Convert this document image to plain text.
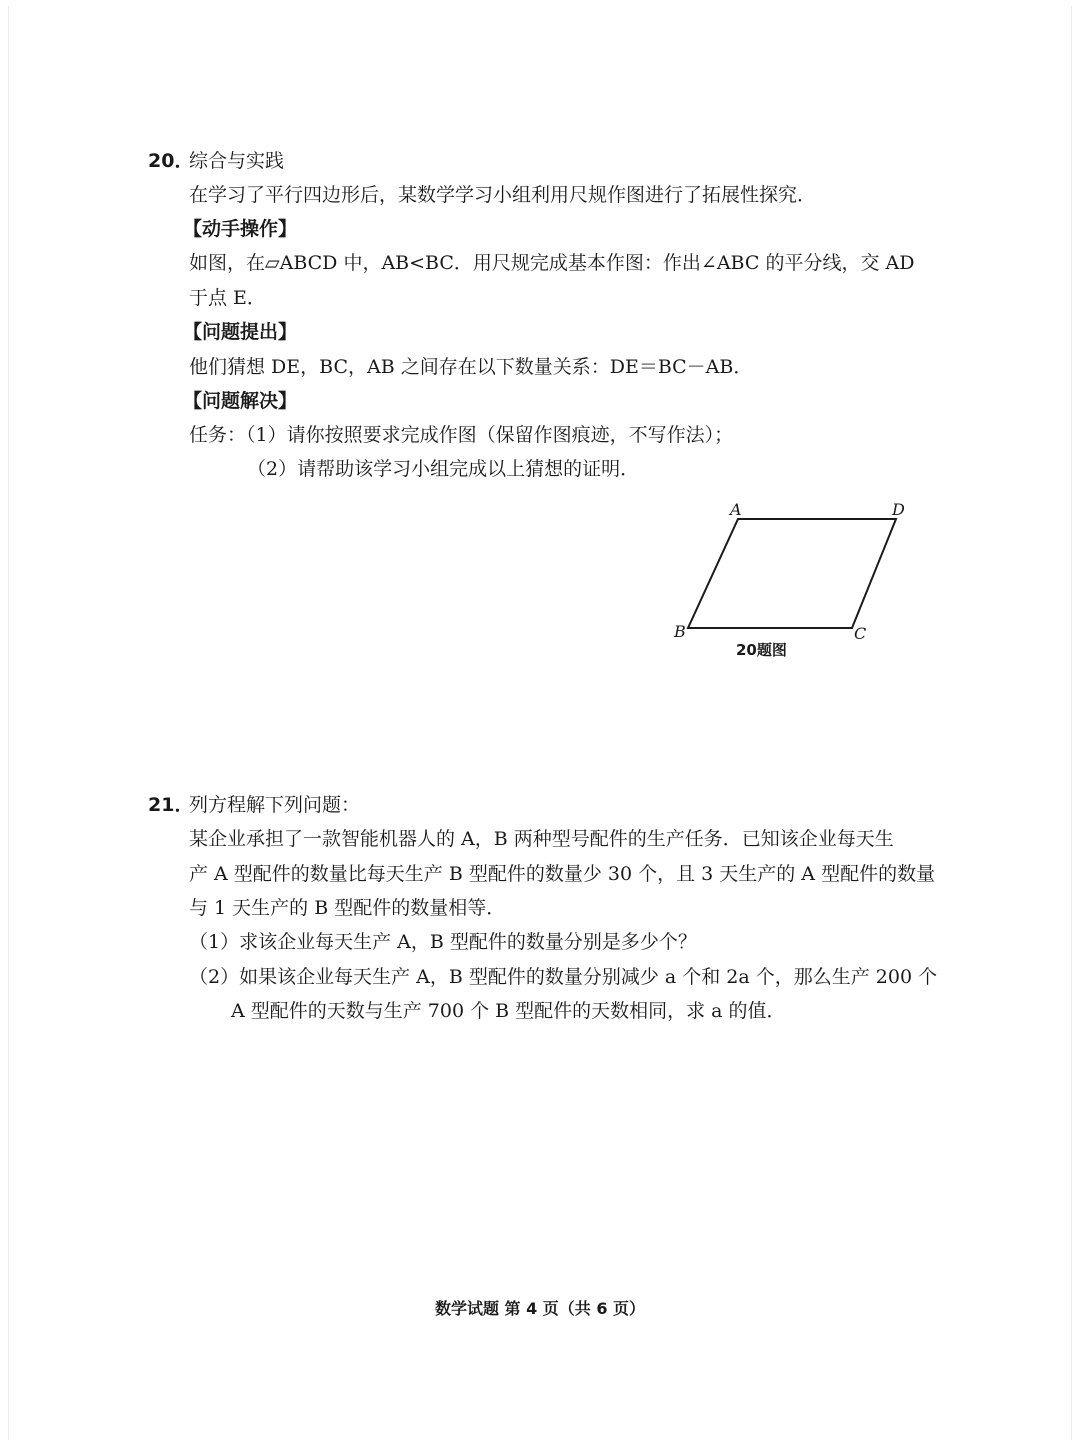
20．
综合与实践
在学习了平行四边形后，某数学学习小组利用尺规作图进行了拓展性探究．
【动手操作】
如图，在▱ABCD 中，AB<BC．用尺规完成基本作图：作出∠ABC 的平分线，交 AD
于点 E．
【问题提出】
他们猜想 DE，BC，AB 之间存在以下数量关系：DE＝BC－AB．
【问题解决】
任务：（1）请你按照要求完成作图（保留作图痕迹，不写作法）；
（2）请帮助该学习小组完成以上猜想的证明．
A	D
B	C
20题图
21．
列方程解下列问题：
某企业承担了一款智能机器人的 A，B 两种型号配件的生产任务．已知该企业每天生
产 A 型配件的数量比每天生产 B 型配件的数量少 30 个，且 3 天生产的 A 型配件的数量
与 1 天生产的 B 型配件的数量相等．
（1）求该企业每天生产 A，B 型配件的数量分别是多少个？
（2）如果该企业每天生产 A，B 型配件的数量分别减少 a 个和 2a 个，那么生产 200 个
A 型配件的天数与生产 700 个 B 型配件的天数相同，求 a 的值．
数学试题 第 4 页（共 6 页）
